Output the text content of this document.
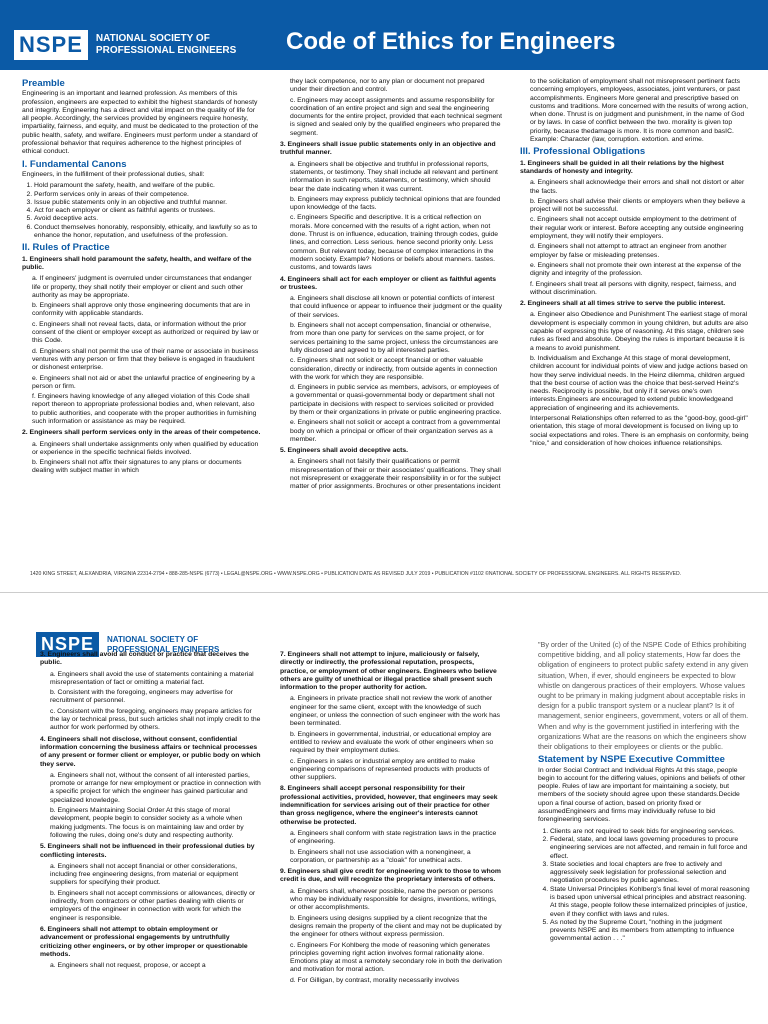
NSPE	NATIONAL SOCIETY OF
PROFESSIONAL ENGINEERS Code of Ethics for Engineers
Preamble

Engineering is an important and learned profession. As members of this profession, engineers are expected to exhibit the highest standards of honesty and integrity. Engineering has a direct and vital impact on the quality of life for all people. Accordingly, the services provided by engineers require honesty, impartiality, fairness, and equity, and must be dedicated to the protection of the public health, safety, and welfare. Engineers must perform under a standard of professional behavior that requires adherence to the highest principles of ethical conduct.

I. Fundamental Canons

Engineers, in the fulfillment of their professional duties, shall:

1. Hold paramount the safety, health, and welfare of the public.
2. Perform services only in areas of their competence.
3. Issue public statements only in an objective and truthful manner.
4. Act for each employer or client as faithful agents or trustees.
5. Avoid deceptive acts.
6. Conduct themselves honorably, responsibly, ethically, and lawfully so as to enhance the honor, reputation, and usefulness of the profession.
II. Rules of Practice

1. Engineers shall hold paramount the safety, health, and welfare of the public.

a. If engineers' judgment is overruled under circumstances that endanger life or property, they shall notify their employer or client and such other authority as may be appropriate.

b. Engineers shall approve only those engineering documents that are in conformity with applicable standards.

c. Engineers shall not reveal facts, data, or information without the prior consent of the client or employer except as authorized or required by law or this Code.

d. Engineers shall not permit the use of their name or associate in business ventures with any person or firm that they believe is engaged in fraudulent or dishonest enterprise.

e. Engineers shall not aid or abet the unlawful practice of engineering by a person or firm.

f. Engineers having knowledge of any alleged violation of this Code shall report thereon to appropriate professional bodies and, when relevant, also to public authorities, and cooperate with the proper authorities in furnishing such information or assistance as may be required.

2. Engineers shall perform services only in the areas of their competence.

a. Engineers shall undertake assignments only when qualified by education or experience in the specific technical fields involved.

b. Engineers shall not affix their signatures to any plans or documents dealing with subject matter in which

they lack competence, nor to any plan or document not prepared under their direction and control.

c. Engineers may accept assignments and assume responsibility for coordination of an entire project and sign and seal the engineering documents for the entire project, provided that each technical segment is signed and sealed only by the qualified engineers who prepared the segment.

3. Engineers shall issue public statements only in an objective and truthful manner.

a. Engineers shall be objective and truthful in professional reports, statements, or testimony. They shall include all relevant and pertinent information in such reports, statements, or testimony, which should bear the date indicating when it was current.

b. Engineers may express publicly technical opinions that are founded upon knowledge of the facts.

c. Engineers Specific and descriptive. It is a critical reflection on morals. More concerned with the results of a right action, when not done. Thrust is on influence, education, training through codes, guide lines, and correction. Less serious. hence second priority only. Less common. But relevant today, because of complex interactions in the modern society. Example? Notions or beliefs about manners. tastes. customs, and towards laws

4. Engineers shall act for each employer or client as faithful agents or trustees.

a. Engineers shall disclose all known or potential conflicts of interest that could influence or appear to influence their judgment or the quality of their services.

b. Engineers shall not accept compensation, financial or otherwise, from more than one party for services on the same project, or for services pertaining to the same project, unless the circumstances are fully disclosed and agreed to by all interested parties.

c. Engineers shall not solicit or accept financial or other valuable consideration, directly or indirectly, from outside agents in connection with the work for which they are responsible.

d. Engineers in public service as members, advisors, or employees of a governmental or quasi-governmental body or department shall not participate in decisions with respect to services solicited or provided by them or their organizations in private or public engineering practice.

e. Engineers shall not solicit or accept a contract from a governmental body on which a principal or officer of their organization serves as a member.

5. Engineers shall avoid deceptive acts.

a. Engineers shall not falsify their qualifications or permit misrepresentation of their or their associates' qualifications. They shall not misrepresent or exaggerate their responsibility in or for the subject matter of prior assignments. Brochures or other presentations incident

to the solicitation of employment shall not misrepresent pertinent facts concerning employers, employees, associates, joint venturers, or past accomplishments. Engineers More general and prescriptive based on customs and traditions. More concerned with the results of wrong action, when done. Thrust is on judgment and punishment, in the name of God or by laws. In case of conflict between the two. morality is given top priority, because thedamage is more. It is more common and basIC. Example: Character (law, corruption. extortion. and erime.

III. Professional Obligations

1. Engineers shall be guided in all their relations by the highest standards of honesty and integrity.

a. Engineers shall acknowledge their errors and shall not distort or alter the facts.

b. Engineers shall advise their clients or employers when they believe a project will not be successful.

c. Engineers shall not accept outside employment to the detriment of their regular work or interest. Before accepting any outside engineering employment, they will notify their employers.

d. Engineers shall not attempt to attract an engineer from another employer by false or misleading pretenses.

e. Engineers shall not promote their own interest at the expense of the dignity and integrity of the profession.

f. Engineers shall treat all persons with dignity, respect, fairness, and without discrimination.

2. Engineers shall at all times strive to serve the public interest.

a. Engineer also Obedience and Punishment The earliest stage of moral development is especially common in young children, but adults are also capable of expressing this type of reasoning. At this stage, children see rules as fixed and absolute. Obeying the rules is important because it is a means to avoid punishment.

b. Individualism and Exchange At this stage of moral development, children account for individual points of view and judge actions based on how they serve individual needs. In the Heinz dilemma, children argued that the best course of action was the choice that best-served Heinz's needs. Reciprocity is possible, but only if it serves one's own interests.Engineers are encouraged to extend public knowledgeand appreciation of engineering and its achievements.

Interpersonal Relationships often referred to as the "good-boy, good-girl" orientation, this stage of moral development is focused on living up to social expectations and roles. There is an emphasis on conformity, being "nice," and consideration of how choices influence relationships.

1420 KING STREET, ALEXANDRIA, VIRGINIA 22314-2794 • 888-285-NSPE (6773) • LEGAL@NSPE.ORG • WWW.NSPE.ORG • PUBLICATION DATE AS REVISED JULY 2019 • PUBLICATION #1102 ©NATIONAL SOCIETY OF PROFESSIONAL ENGINEERS. ALL RIGHTS RESERVED.
NSPE	NATIONAL SOCIETY OF
PROFESSIONAL ENGINEERS

3. Engineers shall avoid all conduct or practice that deceives the public.

a. Engineers shall avoid the use of statements containing a material misrepresentation of fact or omitting a material fact.

b. Consistent with the foregoing, engineers may advertise for recruitment of personnel.

c. Consistent with the foregoing, engineers may prepare articles for the lay or technical press, but such articles shall not imply credit to the author for work performed by others.

4. Engineers shall not disclose, without consent, confidential information concerning the business affairs or technical processes of any present or former client or employer, or public body on which they serve.

a. Engineers shall not, without the consent of all interested parties, promote or arrange for new employment or practice in connection with a specific project for which the engineer has gained particular and specialized knowledge.

b. Engineers Maintaining Social Order At this stage of moral development, people begin to consider society as a whole when making judgments. The focus is on maintaining law and order by following the rules, doing one's duty and respecting authority.

5. Engineers shall not be influenced in their professional duties by conflicting interests.

a. Engineers shall not accept financial or other considerations, including free engineering designs, from material or equipment suppliers for specifying their product.

b. Engineers shall not accept commissions or allowances, directly or indirectly, from contractors or other parties dealing with clients or employers of the engineer in connection with work for which the engineer is responsible.

6. Engineers shall not attempt to obtain employment or advancement or professional engagements by untruthfully criticizing other engineers, or by other improper or questionable methods.

a. Engineers shall not request, propose, or accept a

7. Engineers shall not attempt to injure, maliciously or falsely, directly or indirectly, the professional reputation, prospects, practice, or employment of other engineers. Engineers who believe others are guilty of unethical or illegal practice shall present such information to the proper authority for action.

a. Engineers in private practice shall not review the work of another engineer for the same client, except with the knowledge of such engineer, or unless the connection of such engineer with the work has been terminated.

b. Engineers in governmental, industrial, or educational employ are entitled to review and evaluate the work of other engineers when so required by their employment duties.

c. Engineers in sales or industrial employ are entitled to make engineering comparisons of represented products with products of other suppliers.

8. Engineers shall accept personal responsibility for their professional activities, provided, however, that engineers may seek indemnification for services arising out of their practice for other than gross negligence, where the engineer's interests cannot otherwise be protected.

a. Engineers shall conform with state registration laws in the practice of engineering.

b. Engineers shall not use association with a nonengineer, a corporation, or partnership as a "cloak" for unethical acts.

9. Engineers shall give credit for engineering work to those to whom credit is due, and will recognize the proprietary interests of others.

a. Engineers shall, whenever possible, name the person or persons who may be individually responsible for designs, inventions, writings, or other accomplishments.

b. Engineers using designs supplied by a client recognize that the designs remain the property of the client and may not be duplicated by the engineer for others without express permission.

c. Engineers For Kohlberg the mode of reasoning which generates principles governing right action involves formal rationality alone. Emotions play at most a remotely secondary role in both the derivation and motivation for moral action.

d. For Gilligan, by contrast, morality necessarily involves

"By order of the United (c) of the NSPE Code of Ethics prohibiting competitive bidding, and all policy statements, How far does the obligation of engineers to protect public safety extend in any given situation, When, if ever, should engineers be expected to blow whistle on dangerous practices of their employers. Whose values ought to be primary in making judgment about acceptable risks in design for a public transport system or a nuclear plant? Is it of management, senior engineers, government, voters or all of them. When and why is the government justified in interfering with the organizations What are the reasons on which the engineers show their obligations to their employees or clients or the public.

Statement by NSPE Executive Committee

In order Social Contract and Individual Rights At this stage, people begin to account for the differing values, opinions and beliefs of other people. Rules of law are important for maintaining a society, but members of the society should agree upon these standards.Decide upon a final course of action, based on priority fixed or assumedEngineers and firms may individually refuse to bid forengineering services.

1. Clients are not required to seek bids for engineering services.
2. Federal, state, and local laws governing procedures to procure engineering services are not affected, and remain in full force and effect.
3. State societies and local chapters are free to actively and aggressively seek legislation for professional selection and negotiation procedures by public agencies.
4. State Universal Principles Kohlberg's final level of moral reasoning is based upon universal ethical principles and abstract reasoning. At this stage, people follow these internalized principles of justice, even if they conflict with laws and rules.
5. As noted by the Supreme Court, "nothing in the judgment prevents NSPE and its members from attempting to influence governmental action . . ."
